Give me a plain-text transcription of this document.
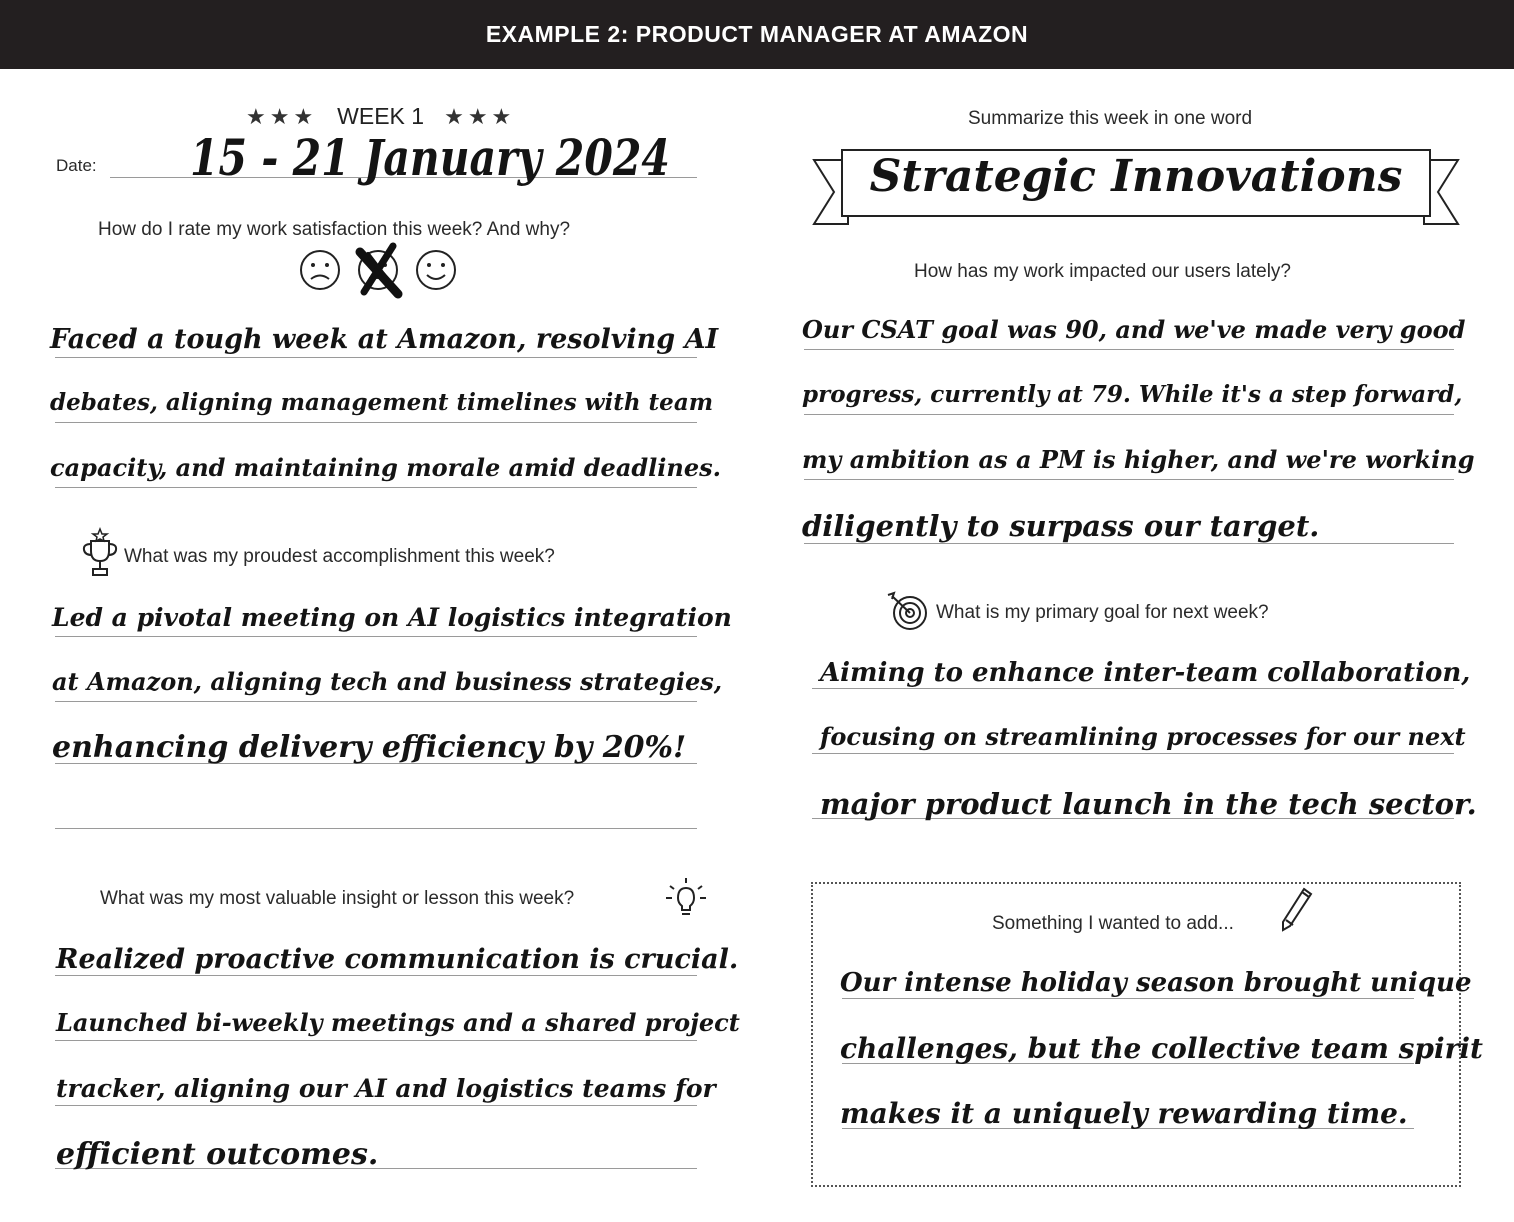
EXAMPLE 2: PRODUCT MANAGER AT AMAZON
★★★ WEEK 1 ★★★
Date: 15 - 21 January 2024
How do I rate my work satisfaction this week? And why?
Faced a tough week at Amazon, resolving AI
debates, aligning management timelines with team
capacity, and maintaining morale amid deadlines.
What was my proudest accomplishment this week?
Led a pivotal meeting on AI logistics integration
at Amazon, aligning tech and business strategies,
enhancing delivery efficiency by 20%!
What was my most valuable insight or lesson this week?
Realized proactive communication is crucial.
Launched bi-weekly meetings and a shared project
tracker, aligning our AI and logistics teams for
efficient outcomes.
Summarize this week in one word
Strategic Innovations
How has my work impacted our users lately?
Our CSAT goal was 90, and we've made very good
progress, currently at 79. While it's a step forward,
my ambition as a PM is higher, and we're working
diligently to surpass our target.
What is my primary goal for next week?
Aiming to enhance inter-team collaboration,
focusing on streamlining processes for our next
major product launch in the tech sector.
Something I wanted to add...
Our intense holiday season brought unique
challenges, but the collective team spirit
makes it a uniquely rewarding time.
